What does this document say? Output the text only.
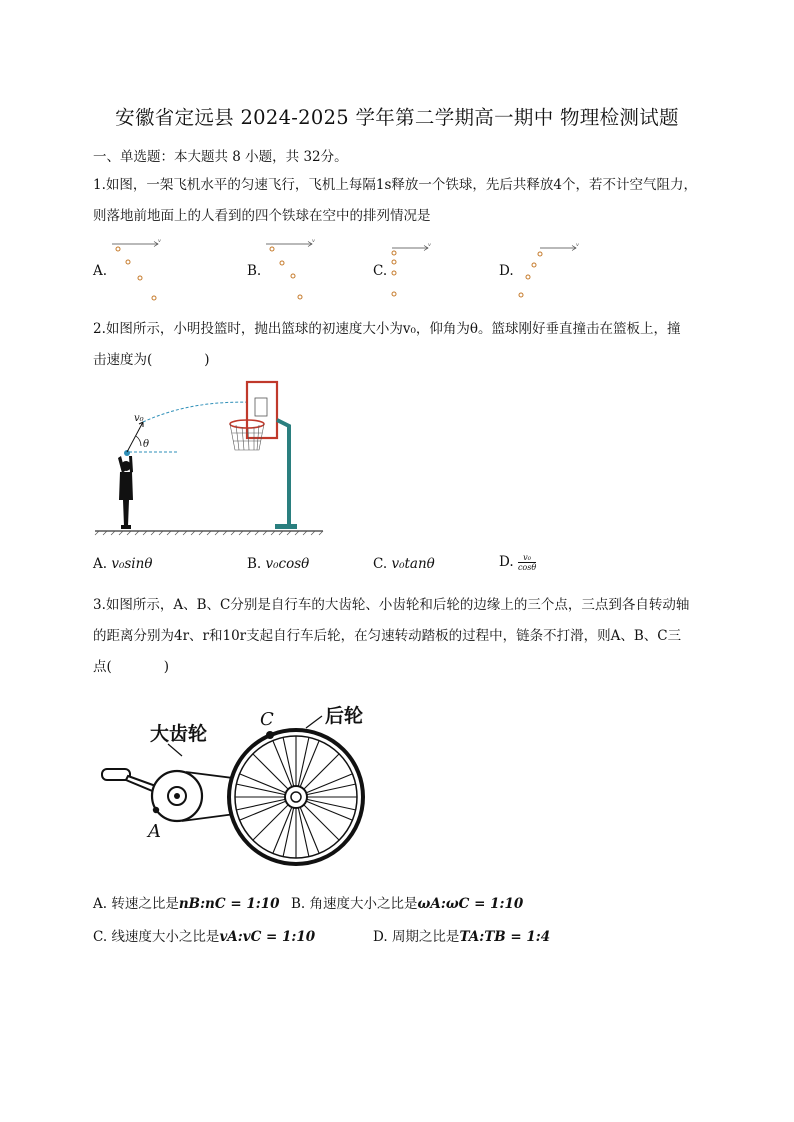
安徽省定远县 2024-2025 学年第二学期高一期中 物理检测试题
一、单选题：本大题共 8 小题，共 32分。
1.如图，一架飞机水平的匀速飞行，飞机上每隔1s释放一个铁球，先后共释放4个，若不计空气阻力，
则落地前地面上的人看到的四个铁球在空中的排列情况是
A.	B.	C.	D.
v	v
v	v
2.如图所示，小明投篮时，抛出篮球的初速度大小为v₀，仰角为θ。篮球刚好垂直撞击在篮板上，撞
击速度为(	)
v₀
θ
A. v₀sinθ	B. v₀cosθ	C. v₀tanθ	D. $\frac{\text{v₀}}{\cos\theta}$
3.如图所示，A、B、C分别是自行车的大齿轮、小齿轮和后轮的边缘上的三个点，三点到各自转动轴
的距离分别为4r、r和10r支起自行车后轮，在匀速转动踏板的过程中，链条不打滑，则A、B、C三
点(	)
大齿轮
后轮
C
A
A. 转速之比是nB:nC = 1:10 B. 角速度大小之比是ωA:ωC = 1:10
C. 线速度大小之比是vA:vC = 1:10	D. 周期之比是TA:TB = 1:4
